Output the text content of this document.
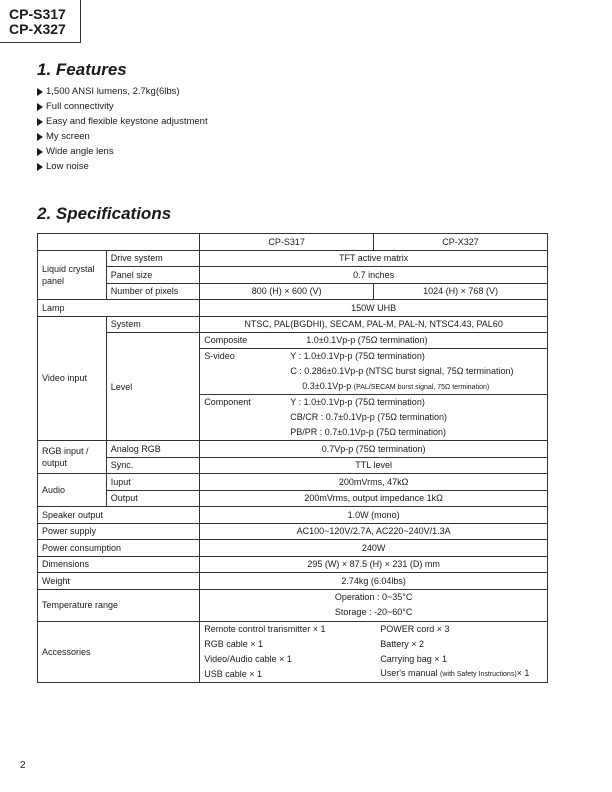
CP-S317
CP-X327
1. Features
1,500 ANSI lumens, 2.7kg(6lbs)
Full connectivity
Easy and flexible keystone adjustment
My screen
Wide angle lens
Low noise
2. Specifications
	CP-S317	CP-X327
Liquid crystal panel	Drive system	TFT active matrix
Panel size	0.7 inches
Number of pixels	800 (H) × 600 (V)	1024 (H) × 768 (V)
Lamp	150W UHB
Video input	System	NTSC, PAL(BGDHI), SECAM, PAL-M, PAL-N, NTSC4.43, PAL60
Level	
Composite	1.0±0.1Vp-p (75Ω termination)
S-video	Y : 1.0±0.1Vp-p (75Ω termination)
C : 0.286±0.1Vp-p (NTSC burst signal, 75Ω termination)
0.3±0.1Vp-p (PAL/SECAM burst signal, 75Ω termination)
Component	Y : 1.0±0.1Vp-p (75Ω termination)
CB/CR : 0.7±0.1Vp-p (75Ω termination)
PB/PR : 0.7±0.1Vp-p (75Ω termination)

RGB input / output	Analog RGB	0.7Vp-p (75Ω termination)
Sync.	TTL level
Audio	Iuput	200mVrms, 47kΩ
Output	200mVrms, output impedance 1kΩ
Speaker output	1.0W (mono)
Power supply	AC100~120V/2.7A, AC220~240V/1.3A
Power consumption	240W
Dimensions	295 (W) × 87.5 (H) × 231 (D) mm
Weight	2.74kg (6.04lbs)
Temperature range	
Operation : 0~35°C
Storage : -20~60°C

Accessories	
Remote control transmitter × 1	POWER cord × 3
RGB cable × 1	Battery × 2
Video/Audio cable × 1	Carrying bag × 1
USB cable × 1	User's manual (with Safety Instructions)× 1
2
